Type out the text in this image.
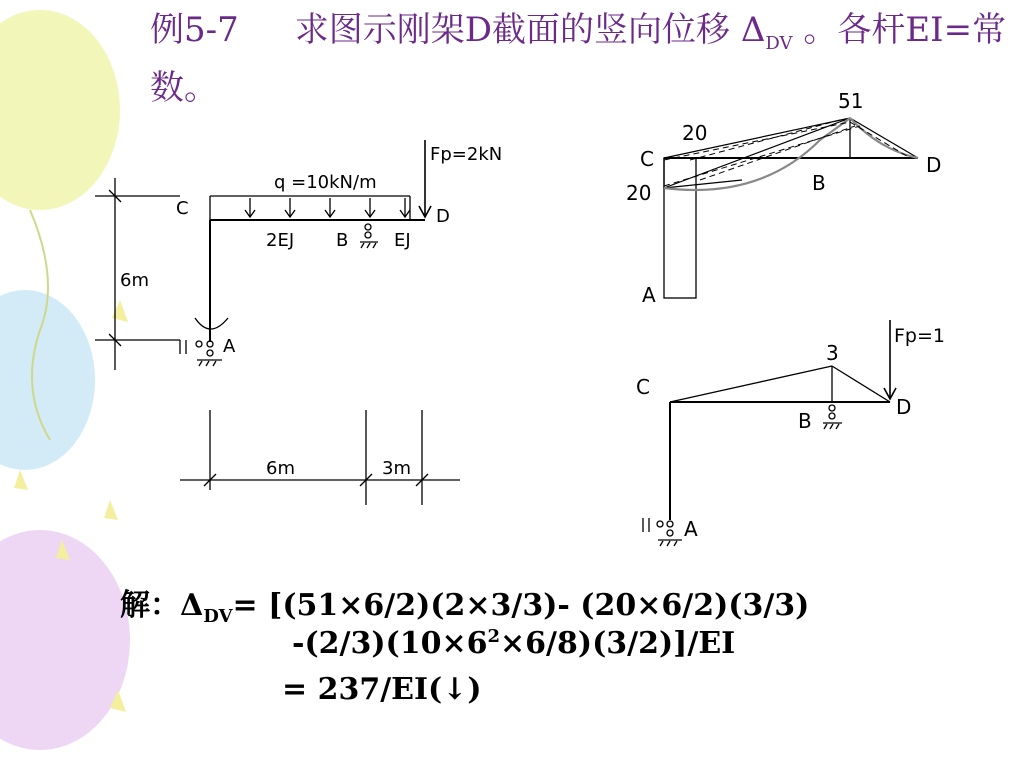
例5-7 求图示刚架D截面的竖向位移 $\Delta_{DV}$ 。各杆EI=常数。
q =10kN/m
Fp=2kN
C	D
B
A
2EJ	EJ
6m
6m	3m
51
20
20
C	D
B
A
Fp=1
3
C
D
B
A
解：$\Delta_{DV}= [(51\times 6/2)(2\times 3/3)-$ (20×6/2)(3/3)
$-(2/3)(10\times 6^2\times 6/8)(3/2)]/EI$
= 237/EI(↓)
